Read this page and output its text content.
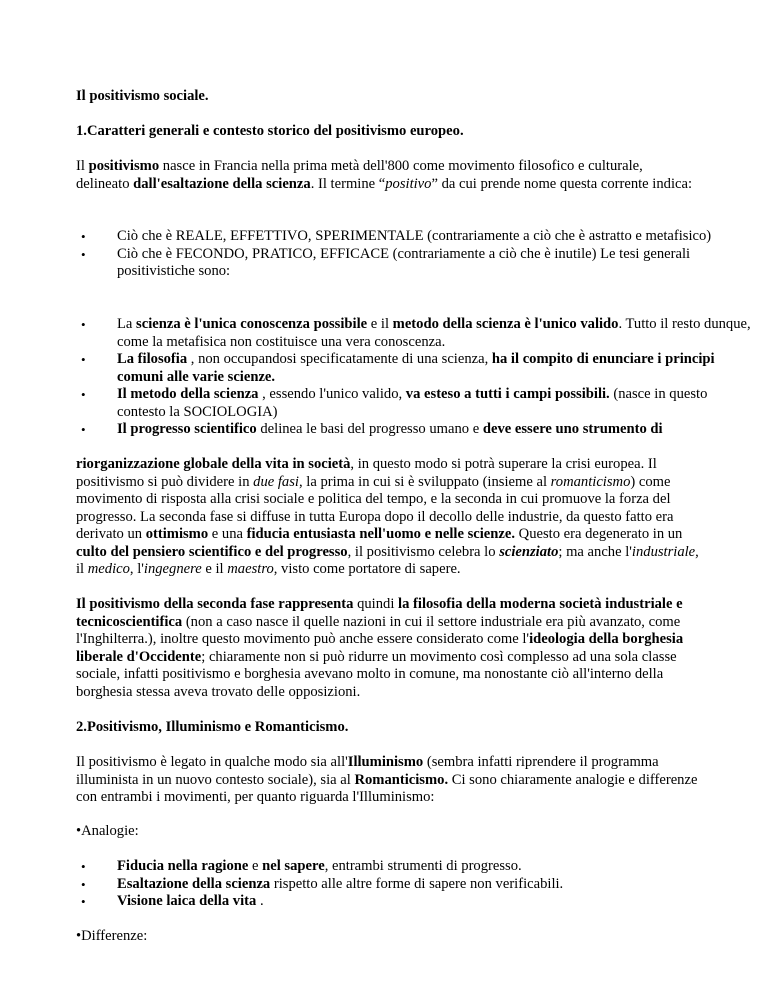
Il positivismo sociale.

1.Caratteri generali e contesto storico del positivismo europeo.

Il positivismo nasce in Francia nella prima metà dell'800 come movimento filosofico e culturale, delineato dall'esaltazione della scienza. Il termine “positivo” da cui prende nome questa corrente indica:

• Ciò che è REALE, EFFETTIVO, SPERIMENTALE (contrariamente a ciò che è astratto e metafisico)
• Ciò che è FECONDO, PRATICO, EFFICACE (contrariamente a ciò che è inutile) Le tesi generali positivistiche sono:
• La scienza è l'unica conoscenza possibile e il metodo della scienza è l'unico valido. Tutto il resto dunque, come la metafisica non costituisce una vera conoscenza.
• La filosofia , non occupandosi specificatamente di una scienza, ha il compito di enunciare i principi comuni alle varie scienze.
• Il metodo della scienza , essendo l'unico valido, va esteso a tutti i campi possibili. (nasce in questo contesto la SOCIOLOGIA)
• Il progresso scientifico delinea le basi del progresso umano e deve essere uno strumento di

riorganizzazione globale della vita in società, in questo modo si potrà superare la crisi europea. Il positivismo si può dividere in due fasi, la prima in cui si è sviluppato (insieme al romanticismo) come movimento di risposta alla crisi sociale e politica del tempo, e la seconda in cui promuove la forza del progresso. La seconda fase si diffuse in tutta Europa dopo il decollo delle industrie, da questo fatto era derivato un ottimismo e una fiducia entusiasta nell'uomo e nelle scienze. Questo era degenerato in un culto del pensiero scientifico e del progresso, il positivismo celebra lo scienziato; ma anche l'industriale, il medico, l'ingegnere e il maestro, visto come portatore di sapere.

Il positivismo della seconda fase rappresenta quindi la filosofia della moderna società industriale e tecnicoscientifica (non a caso nasce il quelle nazioni in cui il settore industriale era più avanzato, come l'Inghilterra.), inoltre questo movimento può anche essere considerato come l'ideologia della borghesia liberale d'Occidente; chiaramente non si può ridurre un movimento così complesso ad una sola classe sociale, infatti positivismo e borghesia avevano molto in comune, ma nonostante ciò all'interno della borghesia stessa aveva trovato delle opposizioni.

2.Positivismo, Illuminismo e Romanticismo.

Il positivismo è legato in qualche modo sia all'Illuminismo (sembra infatti riprendere il programma illuminista in un nuovo contesto sociale), sia al Romanticismo. Ci sono chiaramente analogie e differenze con entrambi i movimenti, per quanto riguarda l'Illuminismo:

•Analogie:

• Fiducia nella ragione e nel sapere, entrambi strumenti di progresso.
• Esaltazione della scienza rispetto alle altre forme di sapere non verificabili.
• Visione laica della vita .

•Differenze:
